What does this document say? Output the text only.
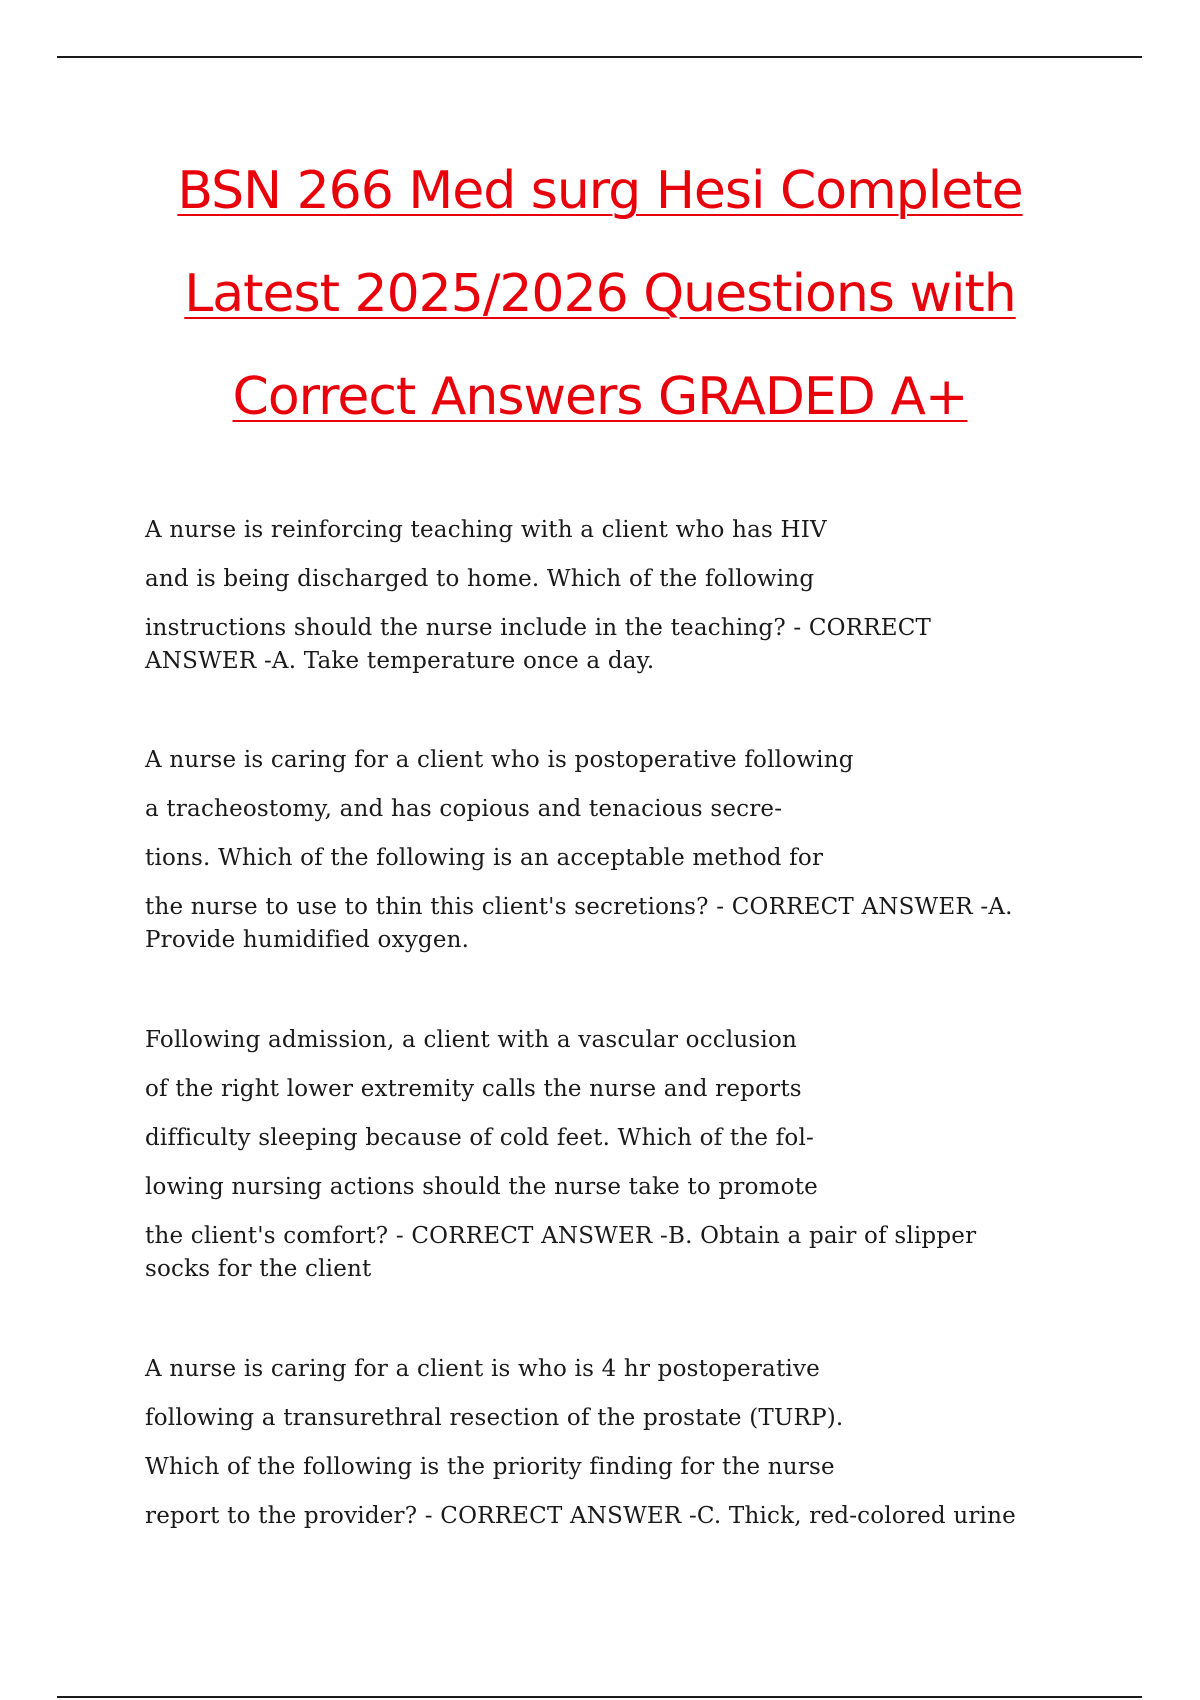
BSN 266 Med surg Hesi Complete
Latest 2025/2026 Questions with
Correct Answers GRADED A+
A nurse is reinforcing teaching with a client who has HIV
and is being discharged to home. Which of the following
instructions should the nurse include in the teaching? - CORRECT
ANSWER -A. Take temperature once a day.
A nurse is caring for a client who is postoperative following
a tracheostomy, and has copious and tenacious secre-
tions. Which of the following is an acceptable method for
the nurse to use to thin this client's secretions? - CORRECT ANSWER -A.
Provide humidified oxygen.
Following admission, a client with a vascular occlusion
of the right lower extremity calls the nurse and reports
difficulty sleeping because of cold feet. Which of the fol-
lowing nursing actions should the nurse take to promote
the client's comfort? - CORRECT ANSWER -B. Obtain a pair of slipper
socks for the client
A nurse is caring for a client is who is 4 hr postoperative
following a transurethral resection of the prostate (TURP).
Which of the following is the priority finding for the nurse
report to the provider? - CORRECT ANSWER -C. Thick, red-colored urine
